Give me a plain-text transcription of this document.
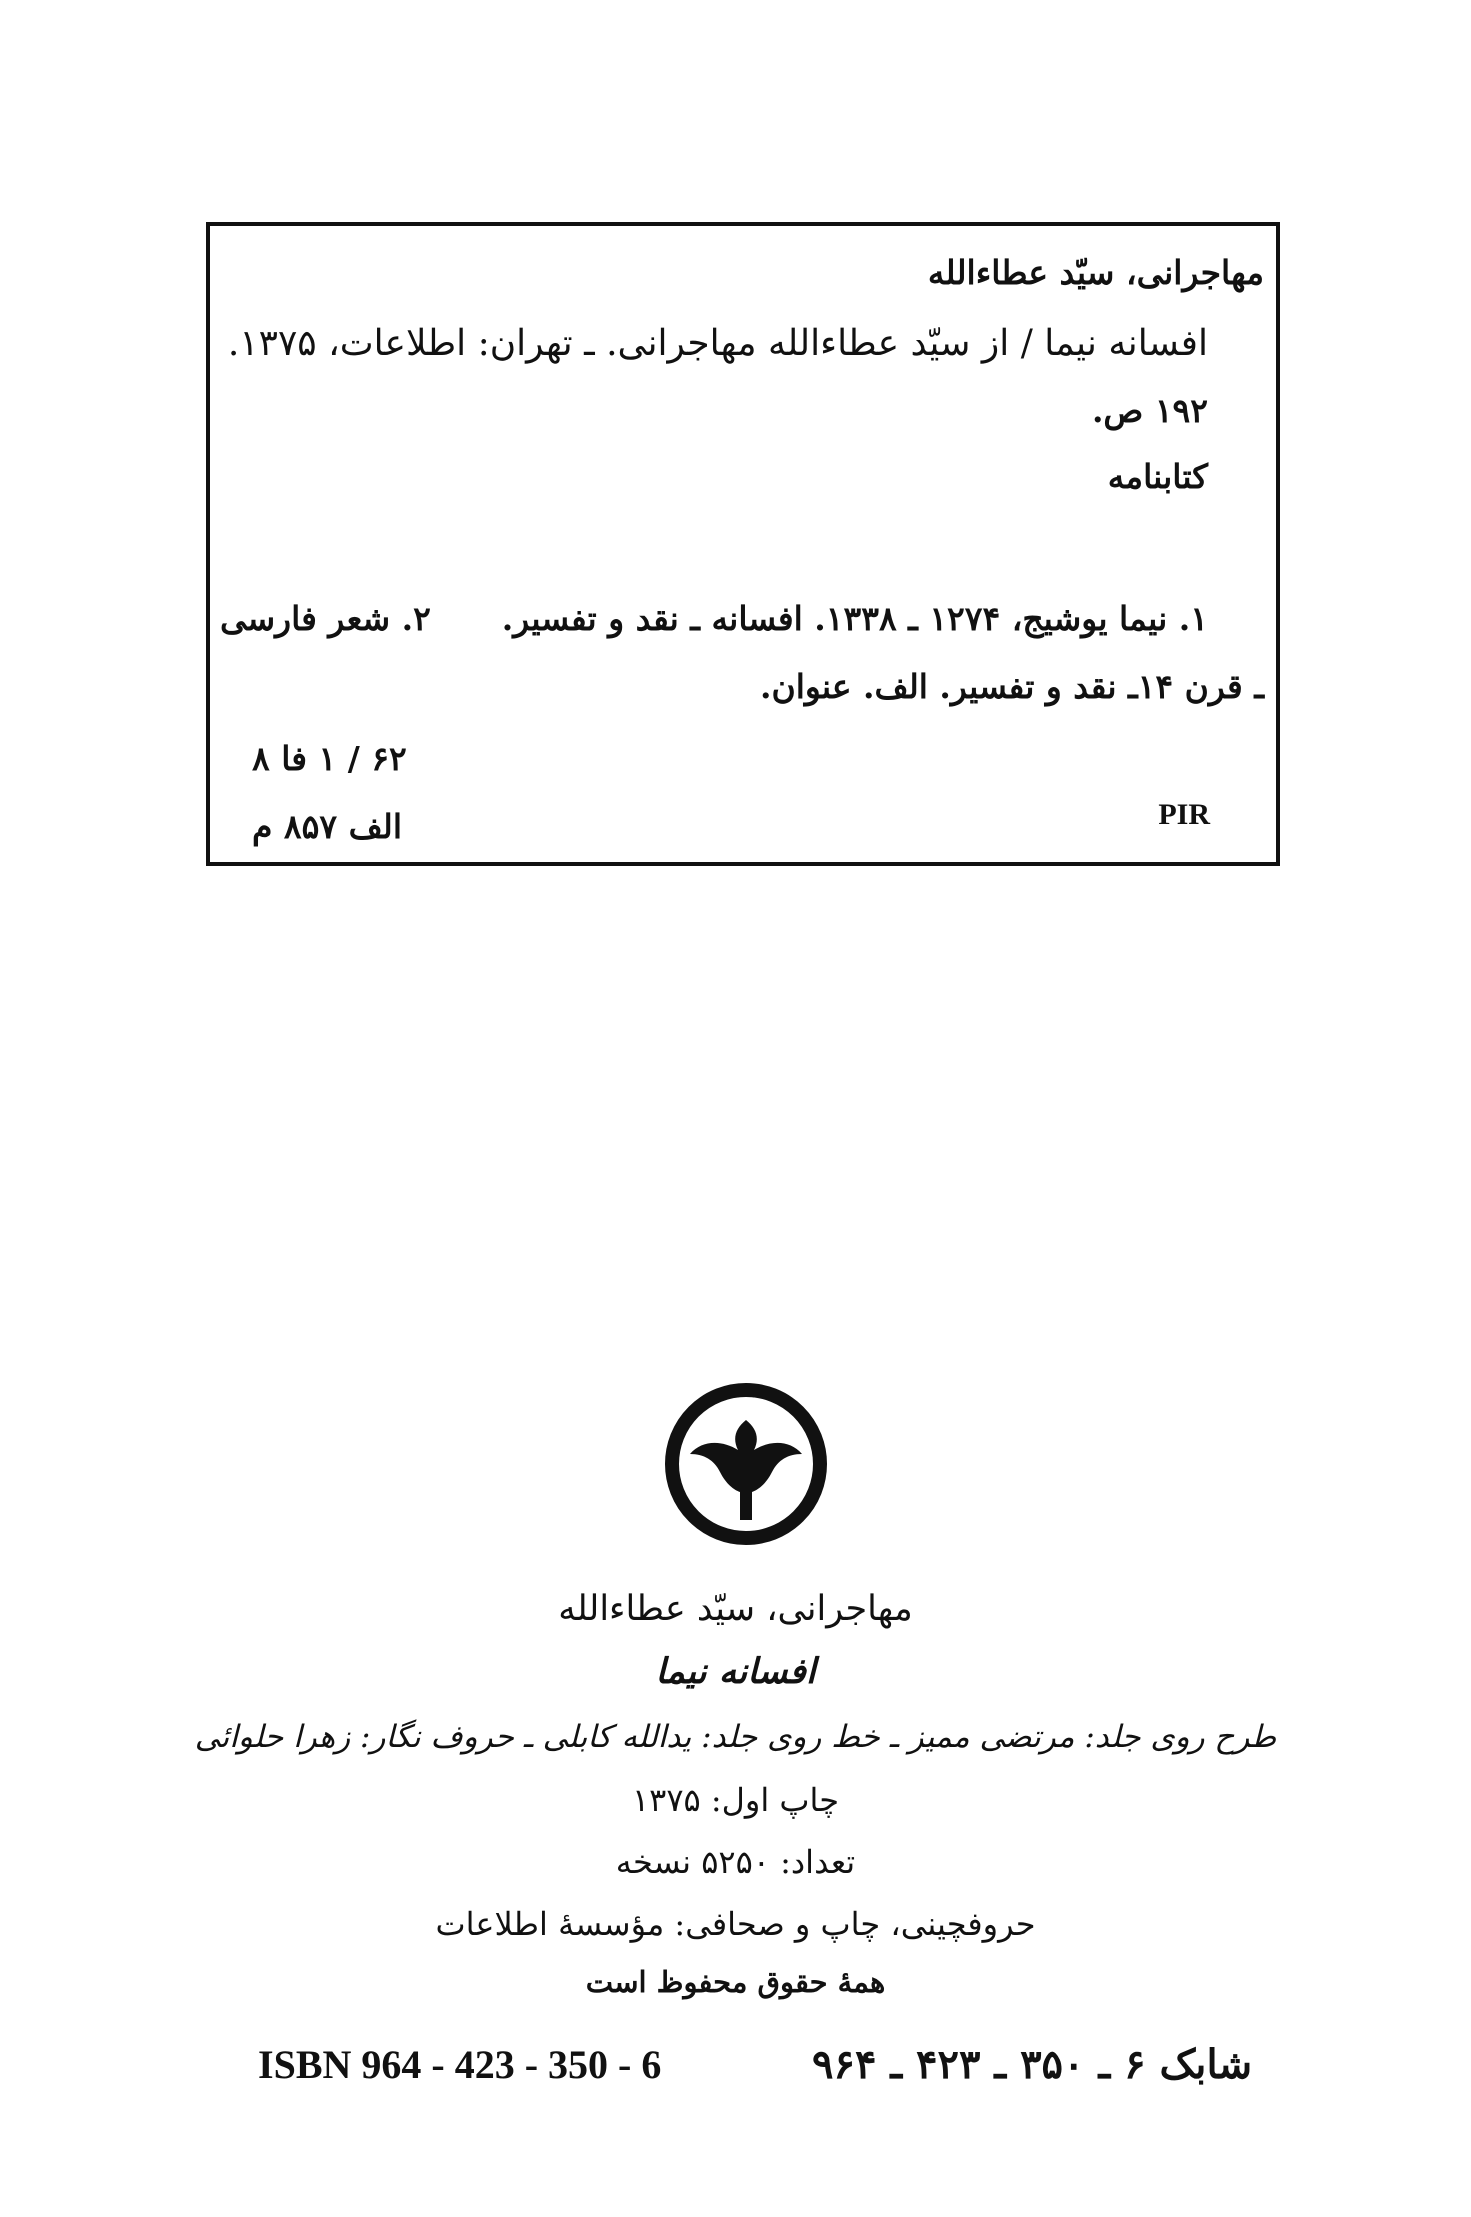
مهاجرانی، سیّد عطاءالله
افسانه نیما / از سیّد عطاءالله مهاجرانی. ـ تهران: اطلاعات، ۱۳۷۵.
۱۹۲ ص.
کتابنامه
۱. نیما یوشیج، ۱۲۷۴ ـ ۱۳۳۸. افسانه ـ نقد و تفسیر.
۲. شعر فارسی
ـ قرن ۱۴ـ نقد و تفسیر. الف. عنوان.
۶۲ / ۱ فا ۸
الف ۸۵۷ م	PIR
مهاجرانی، سیّد عطاءالله
افسانه نیما
طرح روی جلد: مرتضی ممیز ـ خط روی جلد: یدالله کابلی ـ حروف نگار: زهرا حلوائی
چاپ اول: ۱۳۷۵
تعداد: ۵۲۵۰ نسخه
حروفچینی، چاپ و صحافی: مؤسسهٔ اطلاعات
همهٔ حقوق محفوظ است
شابک ۶ ـ ۳۵۰ ـ ۴۲۳ ـ ۹۶۴
ISBN 964 - 423 - 350 - 6
